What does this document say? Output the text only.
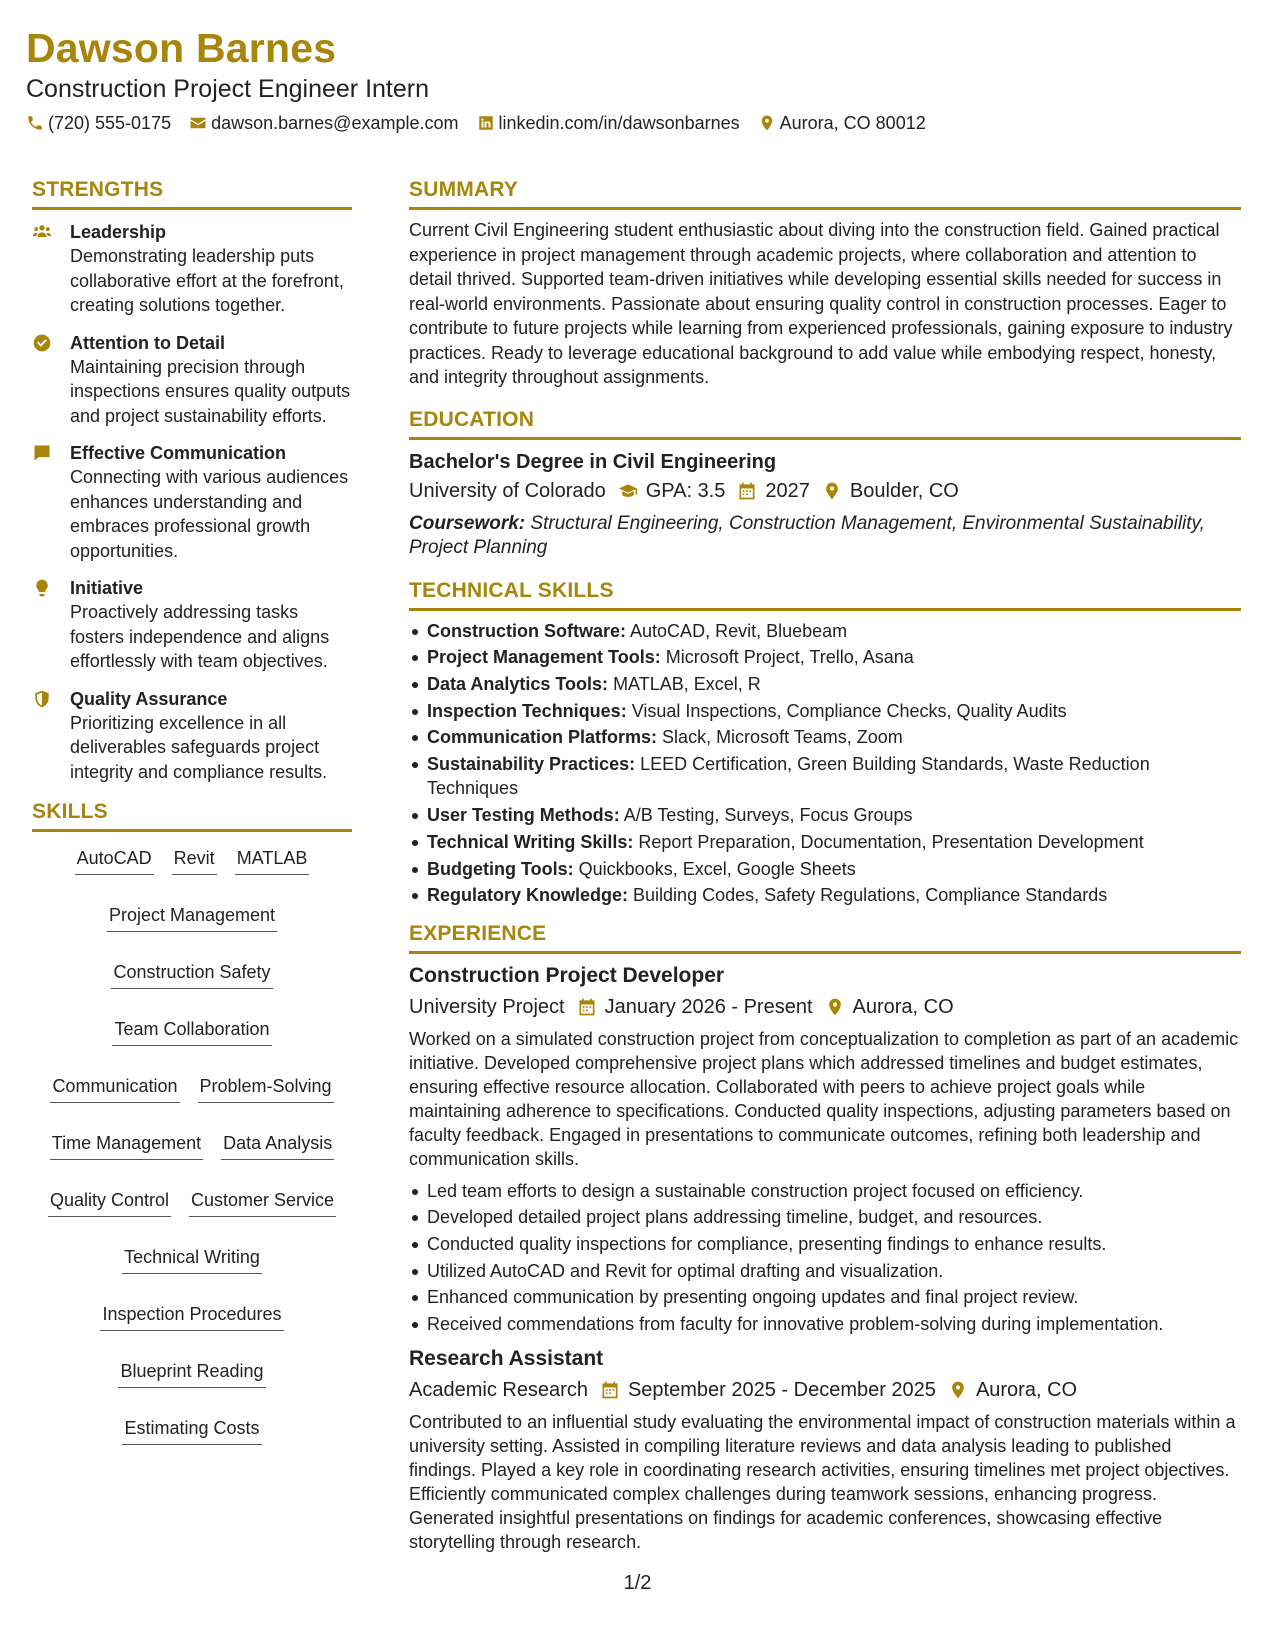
Dawson Barnes
Construction Project Engineer Intern
(720) 555-0175 dawson.barnes@example.com linkedin.com/in/dawsonbarnes Aurora, CO 80012
STRENGTHS
Leadership
Demonstrating leadership puts collaborative effort at the forefront, creating solutions together.
Attention to Detail
Maintaining precision through inspections ensures quality outputs and project sustainability efforts.
Effective Communication
Connecting with various audiences enhances understanding and embraces professional growth opportunities.
Initiative
Proactively addressing tasks fosters independence and aligns effortlessly with team objectives.
Quality Assurance
Prioritizing excellence in all deliverables safeguards project integrity and compliance results.
SKILLS
AutoCAD Revit MATLAB
Project Management
Construction Safety
Team Collaboration
Communication Problem-Solving
Time Management Data Analysis
Quality Control Customer Service
Technical Writing
Inspection Procedures
Blueprint Reading
Estimating Costs
SUMMARY
Current Civil Engineering student enthusiastic about diving into the construction field. Gained practical experience in project management through academic projects, where collaboration and attention to detail thrived. Supported team-driven initiatives while developing essential skills needed for success in real-world environments. Passionate about ensuring quality control in construction processes. Eager to contribute to future projects while learning from experienced professionals, gaining exposure to industry practices. Ready to leverage educational background to add value while embodying respect, honesty, and integrity throughout assignments.
EDUCATION
Bachelor's Degree in Civil Engineering
University of Colorado GPA: 3.5 2027 Boulder, CO
Coursework: Structural Engineering, Construction Management, Environmental Sustainability, Project Planning
TECHNICAL SKILLS
Construction Software: AutoCAD, Revit, Bluebeam
Project Management Tools: Microsoft Project, Trello, Asana
Data Analytics Tools: MATLAB, Excel, R
Inspection Techniques: Visual Inspections, Compliance Checks, Quality Audits
Communication Platforms: Slack, Microsoft Teams, Zoom
Sustainability Practices: LEED Certification, Green Building Standards, Waste Reduction Techniques
User Testing Methods: A/B Testing, Surveys, Focus Groups
Technical Writing Skills: Report Preparation, Documentation, Presentation Development
Budgeting Tools: Quickbooks, Excel, Google Sheets
Regulatory Knowledge: Building Codes, Safety Regulations, Compliance Standards
EXPERIENCE
Construction Project Developer
University Project January 2026 - Present Aurora, CO
Worked on a simulated construction project from conceptualization to completion as part of an academic initiative. Developed comprehensive project plans which addressed timelines and budget estimates, ensuring effective resource allocation. Collaborated with peers to achieve project goals while maintaining adherence to specifications. Conducted quality inspections, adjusting parameters based on faculty feedback. Engaged in presentations to communicate outcomes, refining both leadership and communication skills.
Led team efforts to design a sustainable construction project focused on efficiency.
Developed detailed project plans addressing timeline, budget, and resources.
Conducted quality inspections for compliance, presenting findings to enhance results.
Utilized AutoCAD and Revit for optimal drafting and visualization.
Enhanced communication by presenting ongoing updates and final project review.
Received commendations from faculty for innovative problem-solving during implementation.
Research Assistant
Academic Research September 2025 - December 2025 Aurora, CO
Contributed to an influential study evaluating the environmental impact of construction materials within a university setting. Assisted in compiling literature reviews and data analysis leading to published findings. Played a key role in coordinating research activities, ensuring timelines met project objectives. Efficiently communicated complex challenges during teamwork sessions, enhancing progress. Generated insightful presentations on findings for academic conferences, showcasing effective storytelling through research.
1/2
